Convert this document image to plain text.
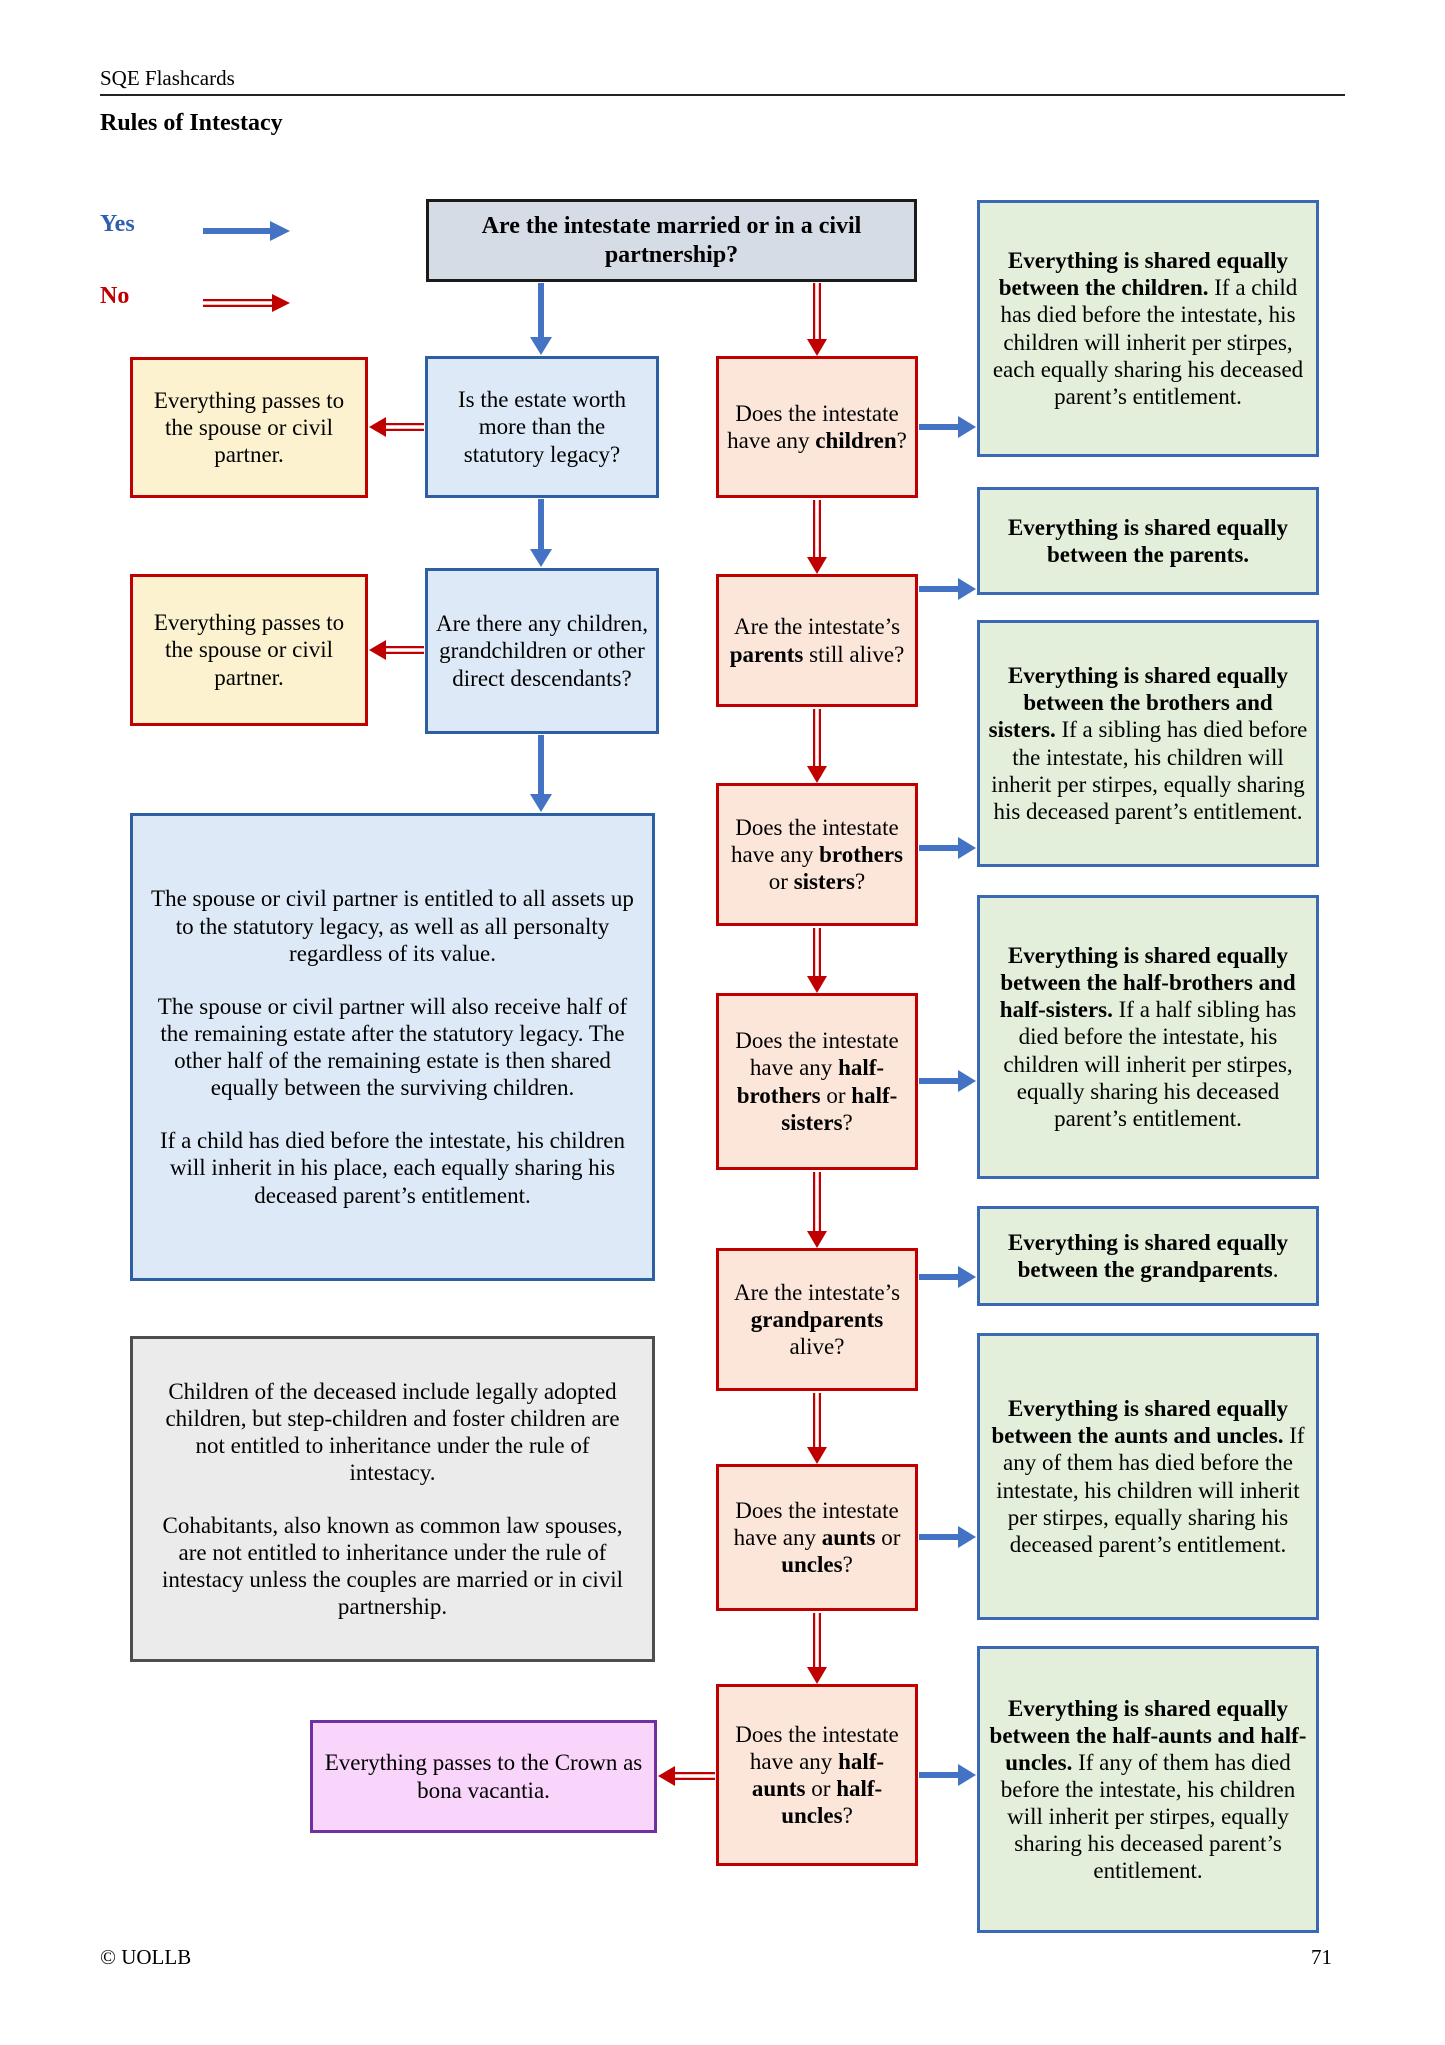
SQE Flashcards
Rules of Intestacy
Yes
No
Are the intestate married or in a civil partnership?
Everything passes to the spouse or civil partner.
Is the estate worth more than the statutory legacy?
Does the intestate have any children?
Everything is shared equally between the children. If a child has died before the intestate, his children will inherit per stirpes, each equally sharing his deceased parent’s entitlement.
Everything passes to the spouse or civil partner.
Are there any children, grandchildren or other direct descendants?
Are the intestate’s parents still alive?
Everything is shared equally between the parents.
Everything is shared equally between the brothers and sisters. If a sibling has died before the intestate, his children will inherit per stirpes, equally sharing his deceased parent’s entitlement.
Does the intestate have any brothers or sisters?

The spouse or civil partner is entitled to all assets up to the statutory legacy, as well as all personalty regardless of its value.

The spouse or civil partner will also receive half of the remaining estate after the statutory legacy. The other half of the remaining estate is then shared equally between the surviving children.

If a child has died before the intestate, his children will inherit in his place, each equally sharing his deceased parent’s entitlement.

Does the intestate have any half-brothers or half-sisters?
Everything is shared equally between the half-brothers and half-sisters. If a half sibling has died before the intestate, his children will inherit per stirpes, equally sharing his deceased parent’s entitlement.
Everything is shared equally between the grandparents.
Are the intestate’s grandparents alive?

Children of the deceased include legally adopted children, but step-children and foster children are not entitled to inheritance under the rule of intestacy.

Cohabitants, also known as common law spouses, are not entitled to inheritance under the rule of intestacy unless the couples are married or in civil partnership.

Everything is shared equally between the aunts and uncles. If any of them has died before the intestate, his children will inherit per stirpes, equally sharing his deceased parent’s entitlement.
Does the intestate have any aunts or uncles?
Does the intestate have any half-aunts or half-uncles?
Everything is shared equally between the half-aunts and half-uncles. If any of them has died before the intestate, his children will inherit per stirpes, equally sharing his deceased parent’s entitlement.
Everything passes to the Crown as bona vacantia.
© UOLLB	71
